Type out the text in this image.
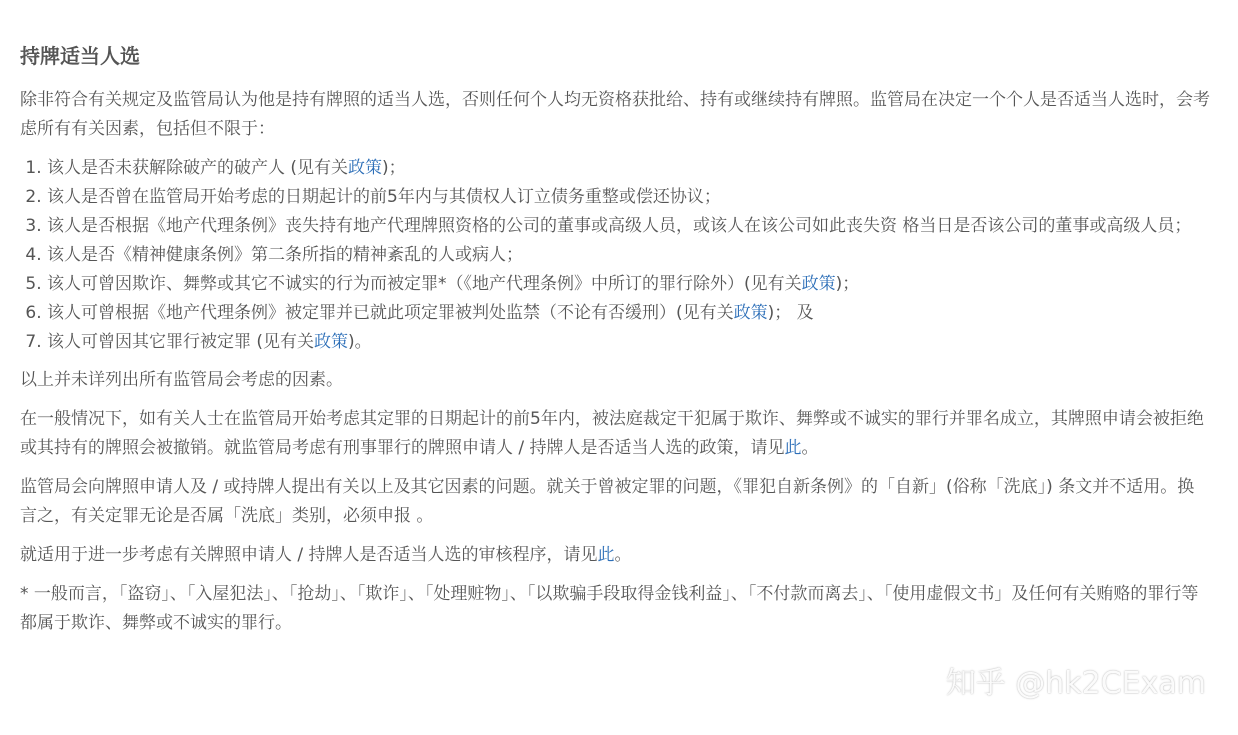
持牌适当人选

除非符合有关规定及监管局认为他是持有牌照的适当人选，否则任何个人均无资格获批给、持有或继续持有牌照。监管局在决定一个个人是否适当人选时，会考虑所有有关因素，包括但不限于：

1. 该人是否未获解除破产的破产人 (见有关政策)；
2. 该人是否曾在监管局开始考虑的日期起计的前5年内与其债权人订立债务重整或偿还协议；
3. 该人是否根据《地产代理条例》丧失持有地产代理牌照资格的公司的董事或高级人员，或该人在该公司如此丧失资 格当日是否该公司的董事或高级人员；
4. 该人是否《精神健康条例》第二条所指的精神紊乱的人或病人；
5. 该人可曾因欺诈、舞弊或其它不诚实的行为而被定罪*（《地产代理条例》中所订的罪行除外）(见有关政策)；
6. 该人可曾根据《地产代理条例》被定罪并已就此项定罪被判处监禁（不论有否缓刑）(见有关政策)； 及
7. 该人可曾因其它罪行被定罪 (见有关政策)。

以上并未详列出所有监管局会考虑的因素。

在一般情况下，如有关人士在监管局开始考虑其定罪的日期起计的前5年内，被法庭裁定干犯属于欺诈、舞弊或不诚实的罪行并罪名成立，其牌照申请会被拒绝或其持有的牌照会被撤销。就监管局考虑有刑事罪行的牌照申请人 / 持牌人是否适当人选的政策，请见此。

监管局会向牌照申请人及 / 或持牌人提出有关以上及其它因素的问题。就关于曾被定罪的问题，《罪犯自新条例》的「自新」(俗称「洗底」) 条文并不适用。换言之，有关定罪无论是否属「洗底」类别，必须申报 。

就适用于进一步考虑有关牌照申请人 / 持牌人是否适当人选的审核程序，请见此。

* 一般而言，「盗窃」、「入屋犯法」、「抢劫」、「欺诈」、「处理赃物」、「以欺骗手段取得金钱利益」、「不付款而离去」、「使用虚假文书」及任何有关贿赂的罪行等都属于欺诈、舞弊或不诚实的罪行。

知乎 @hk2CExam
